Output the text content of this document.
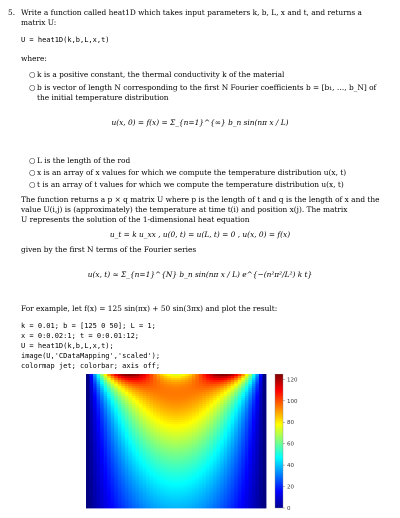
5. Write a function called heat1D which takes input parameters k, b, L, x and t, and returns a
matrix U:
U = heat1D(k,b,L,x,t)
where:
○ k is a positive constant, the thermal conductivity k of the material
○ b is vector of length N corresponding to the first N Fourier coefficients b = [b₁, …, b_N] of
the initial temperature distribution
u(x, 0) = f(x) = Σ_{n=1}^{∞} b_n sin(nπ x / L)
○ L is the length of the rod
○ x is an array of x values for which we compute the temperature distribution u(x, t)
○ t is an array of t values for which we compute the temperature distribution u(x, t)
The function returns a p × q matrix U where p is the length of t and q is the length of x and the
value U(i,j) is (approximately) the temperature at time t(i) and position x(j). The matrix
U represents the solution of the 1-dimensional heat equation
u_t = k u_xx , u(0, t) = u(L, t) = 0 , u(x, 0) = f(x)
given by the first N terms of the Fourier series
u(x, t) ≈ Σ_{n=1}^{N} b_n sin(nπ x / L) e^{−(n²π²/L²) k t}
For example, let f(x) = 125 sin(πx) + 50 sin(3πx) and plot the result:
k = 0.01; b = [125 0 50]; L = 1;
x = 0:0.02:1; t = 0:0.01:12;
U = heat1D(k,b,L,x,t);
image(U,'CDataMapping','scaled');
colormap jet; colorbar; axis off;
0
20
40
60
80
100
120
